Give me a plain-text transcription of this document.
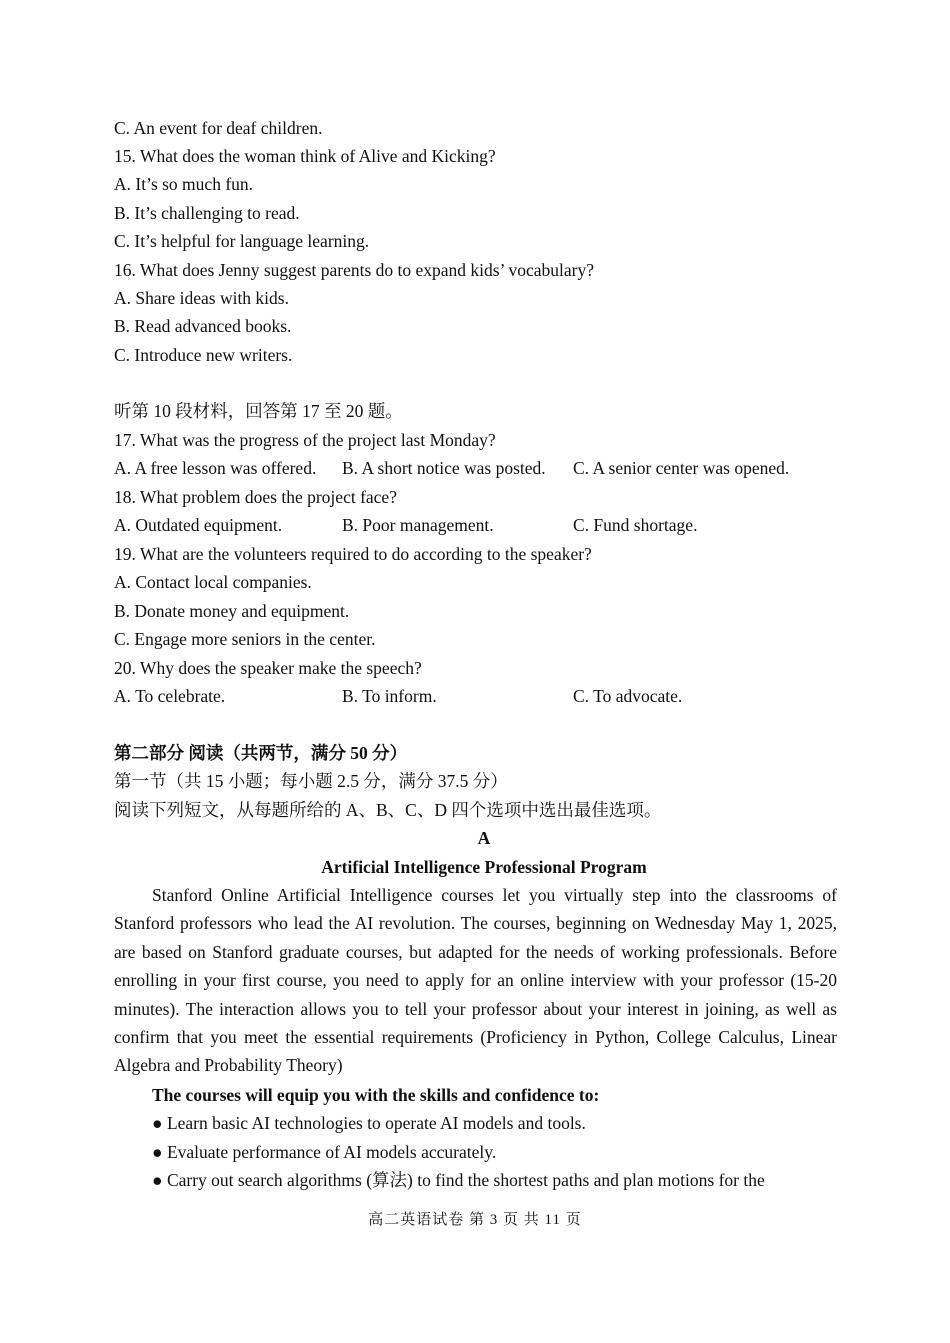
C. An event for deaf children.
15. What does the woman think of Alive and Kicking?
A. It’s so much fun.
B. It’s challenging to read.
C. It’s helpful for language learning.
16. What does Jenny suggest parents do to expand kids’ vocabulary?
A. Share ideas with kids.
B. Read advanced books.
C. Introduce new writers.
听第 10 段材料，回答第 17 至 20 题。
17. What was the progress of the project last Monday?
A. A free lesson was offered. B. A short notice was posted. C. A senior center was opened.
18. What problem does the project face?
A. Outdated equipment.	B. Poor management.	C. Fund shortage.
19. What are the volunteers required to do according to the speaker?
A. Contact local companies.
B. Donate money and equipment.
C. Engage more seniors in the center.
20. Why does the speaker make the speech?
A. To celebrate.	B. To inform.	C. To advocate.
第二部分 阅读（共两节，满分 50 分）
第一节（共 15 小题；每小题 2.5 分，满分 37.5 分）
阅读下列短文，从每题所给的 A、B、C、D 四个选项中选出最佳选项。
A
Artificial Intelligence Professional Program
Stanford Online Artificial Intelligence courses let you virtually step into the classrooms of Stanford professors who lead the AI revolution. The courses, beginning on Wednesday May 1, 2025, are based on Stanford graduate courses, but adapted for the needs of working professionals. Before enrolling in your first course, you need to apply for an online interview with your professor (15-20 minutes). The interaction allows you to tell your professor about your interest in joining, as well as confirm that you meet the essential requirements (Proficiency in Python, College Calculus, Linear Algebra and Probability Theory)
The courses will equip you with the skills and confidence to:
● Learn basic AI technologies to operate AI models and tools.
● Evaluate performance of AI models accurately.
● Carry out search algorithms (算法) to find the shortest paths and plan motions for the
高二英语试卷 第 3 页 共 11 页
